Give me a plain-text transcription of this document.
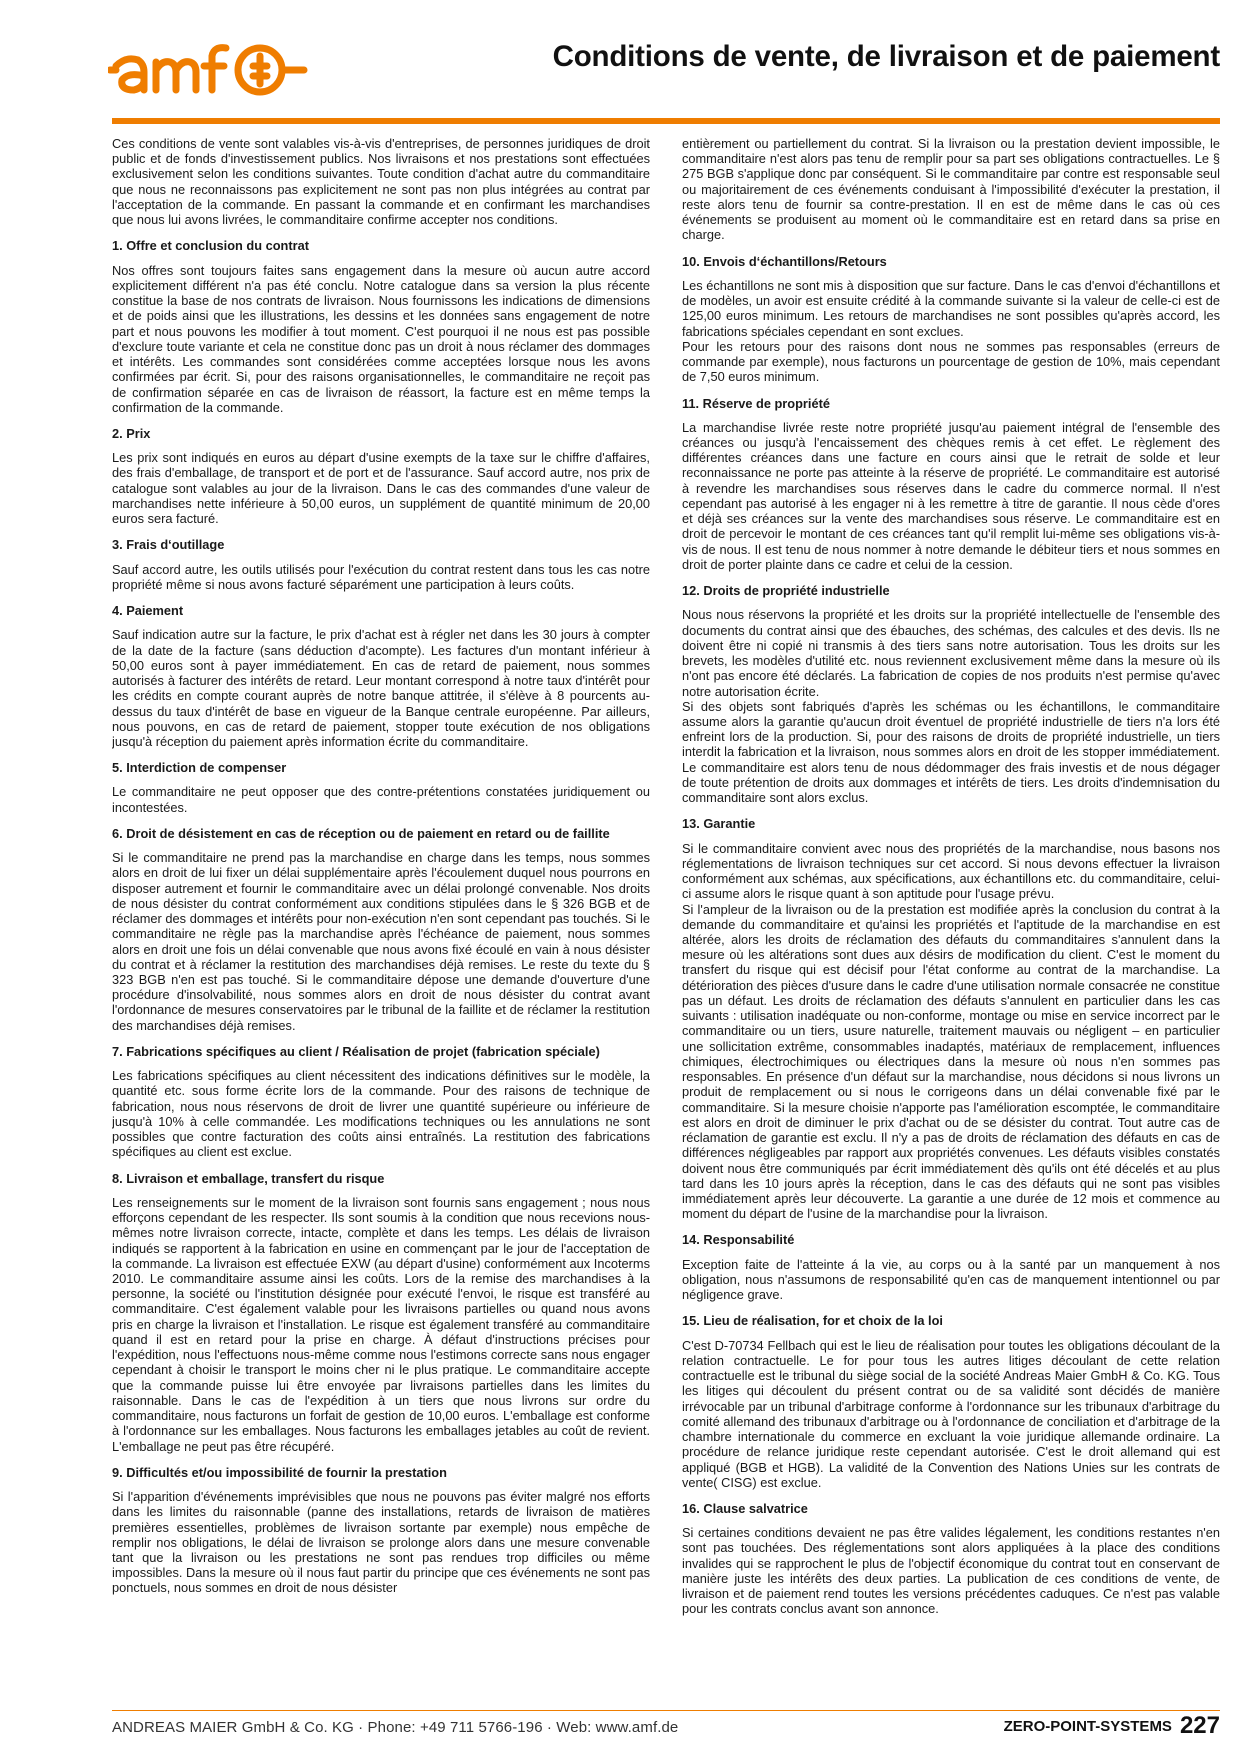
Conditions de vente, de livraison et de paiement

Ces conditions de vente sont valables vis-à-vis d'entreprises, de personnes juridiques de droit public et de fonds d'investissement publics. Nos livraisons et nos prestations sont effectuées exclusivement selon les conditions suivantes. Toute condition d'achat autre du commanditaire que nous ne reconnaissons pas explicitement ne sont pas non plus intégrées au contrat par l'acceptation de la commande. En passant la commande et en confirmant les marchandises que nous lui avons livrées, le commanditaire confirme accepter nos conditions.

1. Offre et conclusion du contrat

Nos offres sont toujours faites sans engagement dans la mesure où aucun autre accord explicitement différent n'a pas été conclu. Notre catalogue dans sa version la plus récente constitue la base de nos contrats de livraison. Nous fournissons les indications de dimensions et de poids ainsi que les illustrations, les dessins et les données sans engagement de notre part et nous pouvons les modifier à tout moment. C'est pourquoi il ne nous est pas possible d'exclure toute variante et cela ne constitue donc pas un droit à nous réclamer des dommages et intérêts. Les commandes sont considérées comme acceptées lorsque nous les avons confirmées par écrit. Si, pour des raisons organisationnelles, le commanditaire ne reçoit pas de confirmation séparée en cas de livraison de réassort, la facture est en même temps la confirmation de la commande.

2. Prix

Les prix sont indiqués en euros au départ d'usine exempts de la taxe sur le chiffre d'affaires, des frais d'emballage, de transport et de port et de l'assurance. Sauf accord autre, nos prix de catalogue sont valables au jour de la livraison. Dans le cas des commandes d'une valeur de marchandises nette inférieure à 50,00 euros, un supplément de quantité minimum de 20,00 euros sera facturé.

3. Frais d‘outillage

Sauf accord autre, les outils utilisés pour l'exécution du contrat restent dans tous les cas notre propriété même si nous avons facturé séparément une participation à leurs coûts.

4. Paiement

Sauf indication autre sur la facture, le prix d'achat est à régler net dans les 30 jours à compter de la date de la facture (sans déduction d'acompte). Les factures d'un montant inférieur à 50,00 euros sont à payer immédiatement. En cas de retard de paiement, nous sommes autorisés à facturer des intérêts de retard. Leur montant correspond à notre taux d'intérêt pour les crédits en compte courant auprès de notre banque attitrée, il s'élève à 8 pourcents au-dessus du taux d'intérêt de base en vigueur de la Banque centrale européenne. Par ailleurs, nous pouvons, en cas de retard de paiement, stopper toute exécution de nos obligations jusqu'à réception du paiement après information écrite du commanditaire.

5. Interdiction de compenser

Le commanditaire ne peut opposer que des contre-prétentions constatées juridiquement ou incontestées.

6. Droit de désistement en cas de réception ou de paiement en retard ou de faillite

Si le commanditaire ne prend pas la marchandise en charge dans les temps, nous sommes alors en droit de lui fixer un délai supplémentaire après l'écoulement duquel nous pourrons en disposer autrement et fournir le commanditaire avec un délai prolongé convenable. Nos droits de nous désister du contrat conformément aux conditions stipulées dans le § 326 BGB et de réclamer des dommages et intérêts pour non-exécution n'en sont cependant pas touchés. Si le commanditaire ne règle pas la marchandise après l'échéance de paiement, nous sommes alors en droit une fois un délai convenable que nous avons fixé écoulé en vain à nous désister du contrat et à réclamer la restitution des marchandises déjà remises. Le reste du texte du § 323 BGB n'en est pas touché. Si le commanditaire dépose une demande d'ouverture d'une procédure d'insolvabilité, nous sommes alors en droit de nous désister du contrat avant l'ordonnance de mesures conservatoires par le tribunal de la faillite et de réclamer la restitution des marchandises déjà remises.

7. Fabrications spécifiques au client / Réalisation de projet (fabrication spéciale)

Les fabrications spécifiques au client nécessitent des indications définitives sur le modèle, la quantité etc. sous forme écrite lors de la commande. Pour des raisons de technique de fabrication, nous nous réservons de droit de livrer une quantité supérieure ou inférieure de jusqu'à 10% à celle commandée. Les modifications techniques ou les annulations ne sont possibles que contre facturation des coûts ainsi entraînés. La restitution des fabrications spécifiques au client est exclue.

8. Livraison et emballage, transfert du risque

Les renseignements sur le moment de la livraison sont fournis sans engagement ; nous nous efforçons cependant de les respecter. Ils sont soumis à la condition que nous recevions nous-mêmes notre livraison correcte, intacte, complète et dans les temps. Les délais de livraison indiqués se rapportent à la fabrication en usine en commençant par le jour de l'acceptation de la commande. La livraison est effectuée EXW (au départ d'usine) conformément aux Incoterms 2010. Le commanditaire assume ainsi les coûts. Lors de la remise des marchandises à la personne, la société ou l'institution désignée pour exécuté l'envoi, le risque est transféré au commanditaire. C'est également valable pour les livraisons partielles ou quand nous avons pris en charge la livraison et l'installation. Le risque est également transféré au commanditaire quand il est en retard pour la prise en charge. À défaut d'instructions précises pour l'expédition, nous l'effectuons nous-même comme nous l'estimons correcte sans nous engager cependant à choisir le transport le moins cher ni le plus pratique. Le commanditaire accepte que la commande puisse lui être envoyée par livraisons partielles dans les limites du raisonnable. Dans le cas de l'expédition à un tiers que nous livrons sur ordre du commanditaire, nous facturons un forfait de gestion de 10,00 euros. L'emballage est conforme à l'ordonnance sur les emballages. Nous facturons les emballages jetables au coût de revient. L'emballage ne peut pas être récupéré.

9. Difficultés et/ou impossibilité de fournir la prestation

Si l'apparition d'événements imprévisibles que nous ne pouvons pas éviter malgré nos efforts dans les limites du raisonnable (panne des installations, retards de livraison de matières premières essentielles, problèmes de livraison sortante par exemple) nous empêche de remplir nos obligations, le délai de livraison se prolonge alors dans une mesure convenable tant que la livraison ou les prestations ne sont pas rendues trop difficiles ou même impossibles. Dans la mesure où il nous faut partir du principe que ces événements ne sont pas ponctuels, nous sommes en droit de nous désister

entièrement ou partiellement du contrat. Si la livraison ou la prestation devient impossible, le commanditaire n'est alors pas tenu de remplir pour sa part ses obligations contractuelles. Le § 275 BGB s'applique donc par conséquent. Si le commanditaire par contre est responsable seul ou majoritairement de ces événements conduisant à l'impossibilité d'exécuter la prestation, il reste alors tenu de fournir sa contre-prestation. Il en est de même dans le cas où ces événements se produisent au moment où le commanditaire est en retard dans sa prise en charge.

10. Envois d‘échantillons/Retours

Les échantillons ne sont mis à disposition que sur facture. Dans le cas d'envoi d'échantillons et de modèles, un avoir est ensuite crédité à la commande suivante si la valeur de celle-ci est de 125,00 euros minimum. Les retours de marchandises ne sont possibles qu'après accord, les fabrications spéciales cependant en sont exclues.

Pour les retours pour des raisons dont nous ne sommes pas responsables (erreurs de commande par exemple), nous facturons un pourcentage de gestion de 10%, mais cependant de 7,50 euros minimum.

11. Réserve de propriété

La marchandise livrée reste notre propriété jusqu'au paiement intégral de l'ensemble des créances ou jusqu'à l'encaissement des chèques remis à cet effet. Le règlement des différentes créances dans une facture en cours ainsi que le retrait de solde et leur reconnaissance ne porte pas atteinte à la réserve de propriété. Le commanditaire est autorisé à revendre les marchandises sous réserves dans le cadre du commerce normal. Il n'est cependant pas autorisé à les engager ni à les remettre à titre de garantie. Il nous cède d'ores et déjà ses créances sur la vente des marchandises sous réserve. Le commanditaire est en droit de percevoir le montant de ces créances tant qu'il remplit lui-même ses obligations vis-à-vis de nous. Il est tenu de nous nommer à notre demande le débiteur tiers et nous sommes en droit de porter plainte dans ce cadre et celui de la cession.

12. Droits de propriété industrielle

Nous nous réservons la propriété et les droits sur la propriété intellectuelle de l'ensemble des documents du contrat ainsi que des ébauches, des schémas, des calcules et des devis. Ils ne doivent être ni copié ni transmis à des tiers sans notre autorisation. Tous les droits sur les brevets, les modèles d'utilité etc. nous reviennent exclusivement même dans la mesure où ils n'ont pas encore été déclarés. La fabrication de copies de nos produits n'est permise qu'avec notre autorisation écrite.

Si des objets sont fabriqués d'après les schémas ou les échantillons, le commanditaire assume alors la garantie qu'aucun droit éventuel de propriété industrielle de tiers n'a lors été enfreint lors de la production. Si, pour des raisons de droits de propriété industrielle, un tiers interdit la fabrication et la livraison, nous sommes alors en droit de les stopper immédiatement. Le commanditaire est alors tenu de nous dédommager des frais investis et de nous dégager de toute prétention de droits aux dommages et intérêts de tiers. Les droits d'indemnisation du commanditaire sont alors exclus.

13. Garantie

Si le commanditaire convient avec nous des propriétés de la marchandise, nous basons nos réglementations de livraison techniques sur cet accord. Si nous devons effectuer la livraison conformément aux schémas, aux spécifications, aux échantillons etc. du commanditaire, celui-ci assume alors le risque quant à son aptitude pour l'usage prévu.

Si l'ampleur de la livraison ou de la prestation est modifiée après la conclusion du contrat à la demande du commanditaire et qu'ainsi les propriétés et l'aptitude de la marchandise en est altérée, alors les droits de réclamation des défauts du commanditaires s'annulent dans la mesure où les altérations sont dues aux désirs de modification du client. C'est le moment du transfert du risque qui est décisif pour l'état conforme au contrat de la marchandise. La détérioration des pièces d'usure dans le cadre d'une utilisation normale consacrée ne constitue pas un défaut. Les droits de réclamation des défauts s'annulent en particulier dans les cas suivants : utilisation inadéquate ou non-conforme, montage ou mise en service incorrect par le commanditaire ou un tiers, usure naturelle, traitement mauvais ou négligent – en particulier une sollicitation extrême, consommables inadaptés, matériaux de remplacement, influences chimiques, électrochimiques ou électriques dans la mesure où nous n'en sommes pas responsables. En présence d'un défaut sur la marchandise, nous décidons si nous livrons un produit de remplacement ou si nous le corrigeons dans un délai convenable fixé par le commanditaire. Si la mesure choisie n'apporte pas l'amélioration escomptée, le commanditaire est alors en droit de diminuer le prix d'achat ou de se désister du contrat. Tout autre cas de réclamation de garantie est exclu. Il n'y a pas de droits de réclamation des défauts en cas de différences négligeables par rapport aux propriétés convenues. Les défauts visibles constatés doivent nous être communiqués par écrit immédiatement dès qu'ils ont été décelés et au plus tard dans les 10 jours après la réception, dans le cas des défauts qui ne sont pas visibles immédiatement après leur découverte. La garantie a une durée de 12 mois et commence au moment du départ de l'usine de la marchandise pour la livraison.

14. Responsabilité

Exception faite de l'atteinte á la vie, au corps ou à la santé par un manquement à nos obligation, nous n'assumons de responsabilité qu'en cas de manquement intentionnel ou par négligence grave.

15. Lieu de réalisation, for et choix de la loi

C'est D-70734 Fellbach qui est le lieu de réalisation pour toutes les obligations découlant de la relation contractuelle. Le for pour tous les autres litiges découlant de cette relation contractuelle est le tribunal du siège social de la société Andreas Maier GmbH & Co. KG. Tous les litiges qui découlent du présent contrat ou de sa validité sont décidés de manière irrévocable par un tribunal d'arbitrage conforme à l'ordonnance sur les tribunaux d'arbitrage du comité allemand des tribunaux d'arbitrage ou à l'ordonnance de conciliation et d'arbitrage de la chambre internationale du commerce en excluant la voie juridique allemande ordinaire. La procédure de relance juridique reste cependant autorisée. C'est le droit allemand qui est appliqué (BGB et HGB). La validité de la Convention des Nations Unies sur les contrats de vente( CISG) est exclue.

16. Clause salvatrice

Si certaines conditions devaient ne pas être valides légalement, les conditions restantes n'en sont pas touchées. Des réglementations sont alors appliquées à la place des conditions invalides qui se rapprochent le plus de l'objectif économique du contrat tout en conservant de manière juste les intérêts des deux parties. La publication de ces conditions de vente, de livraison et de paiement rend toutes les versions précédentes caduques. Ce n'est pas valable pour les contrats conclus avant son annonce.

ANDREAS MAIER GmbH & Co. KG · Phone: +49 711 5766-196 · Web: www.amf.de	ZERO-POINT-SYSTEMS 227
